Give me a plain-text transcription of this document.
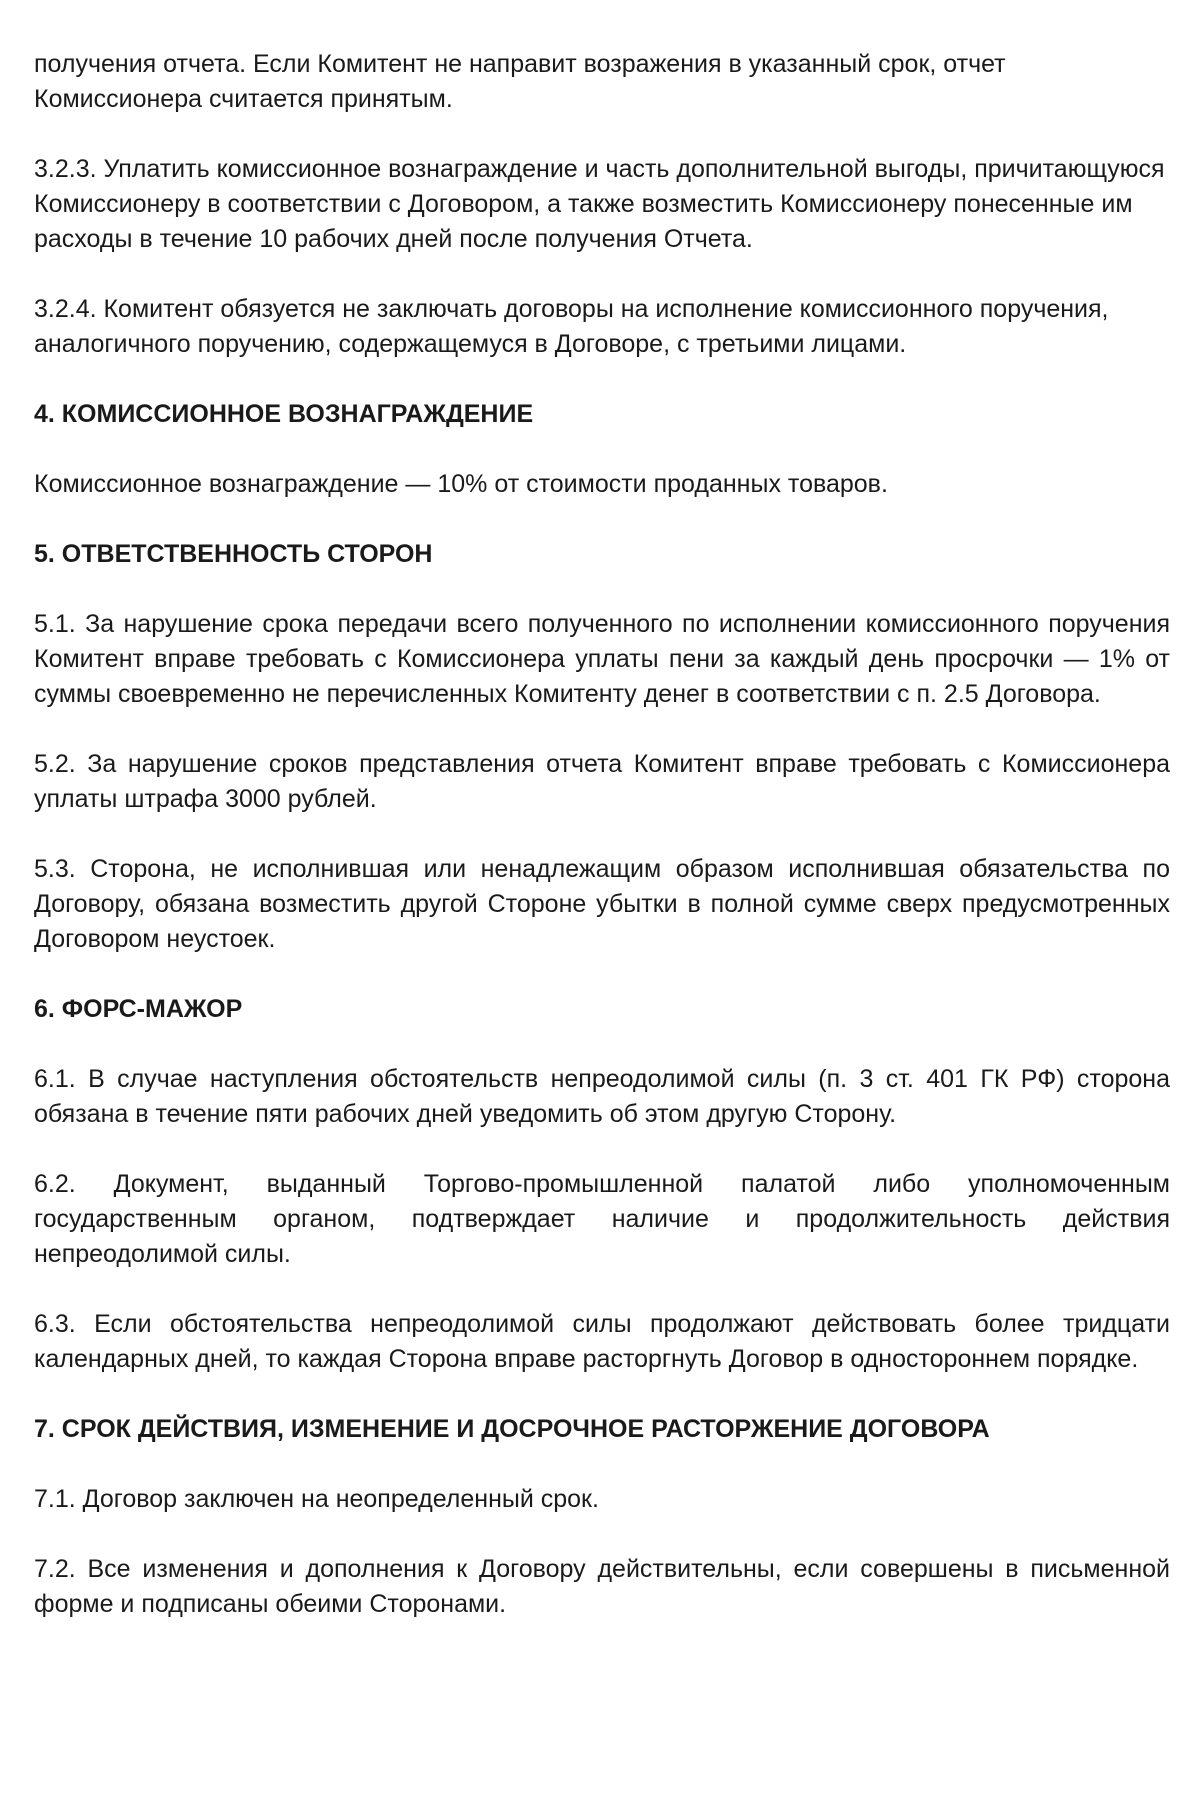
получения отчета. Если Комитент не направит возражения в указанный срок, отчет Комиссионера считается принятым.

3.2.3. Уплатить комиссионное вознаграждение и часть дополнительной выгоды, причитающуюся Комиссионеру в соответствии с Договором, а также возместить Комиссионеру понесенные им расходы в течение 10 рабочих дней после получения Отчета.

3.2.4. Комитент обязуется не заключать договоры на исполнение комиссионного поручения, аналогичного поручению, содержащемуся в Договоре, с третьими лицами.

4. КОМИССИОННОЕ ВОЗНАГРАЖДЕНИЕ

Комиссионное вознаграждение — 10% от стоимости проданных товаров.

5. ОТВЕТСТВЕННОСТЬ СТОРОН

5.1. За нарушение срока передачи всего полученного по исполнении комиссионного поручения Комитент вправе требовать с Комиссионера уплаты пени за каждый день просрочки — 1% от суммы своевременно не перечисленных Комитенту денег в соответствии с п. 2.5 Договора.

5.2. За нарушение сроков представления отчета Комитент вправе требовать с Комиссионера уплаты штрафа 3000 рублей.

5.3. Сторона, не исполнившая или ненадлежащим образом исполнившая обязательства по Договору, обязана возместить другой Стороне убытки в полной сумме сверх предусмотренных Договором неустоек.

6. ФОРС-МАЖОР

6.1. В случае наступления обстоятельств непреодолимой силы (п. 3 ст. 401 ГК РФ) сторона обязана в течение пяти рабочих дней уведомить об этом другую Сторону.

6.2. Документ, выданный Торгово-промышленной палатой либо уполномоченным государственным органом, подтверждает наличие и продолжительность действия непреодолимой силы.

6.3. Если обстоятельства непреодолимой силы продолжают действовать более тридцати календарных дней, то каждая Сторона вправе расторгнуть Договор в одностороннем порядке.

7. СРОК ДЕЙСТВИЯ, ИЗМЕНЕНИЕ И ДОСРОЧНОЕ РАСТОРЖЕНИЕ ДОГОВОРА

7.1. Договор заключен на неопределенный срок.

7.2. Все изменения и дополнения к Договору действительны, если совершены в письменной форме и подписаны обеими Сторонами.
